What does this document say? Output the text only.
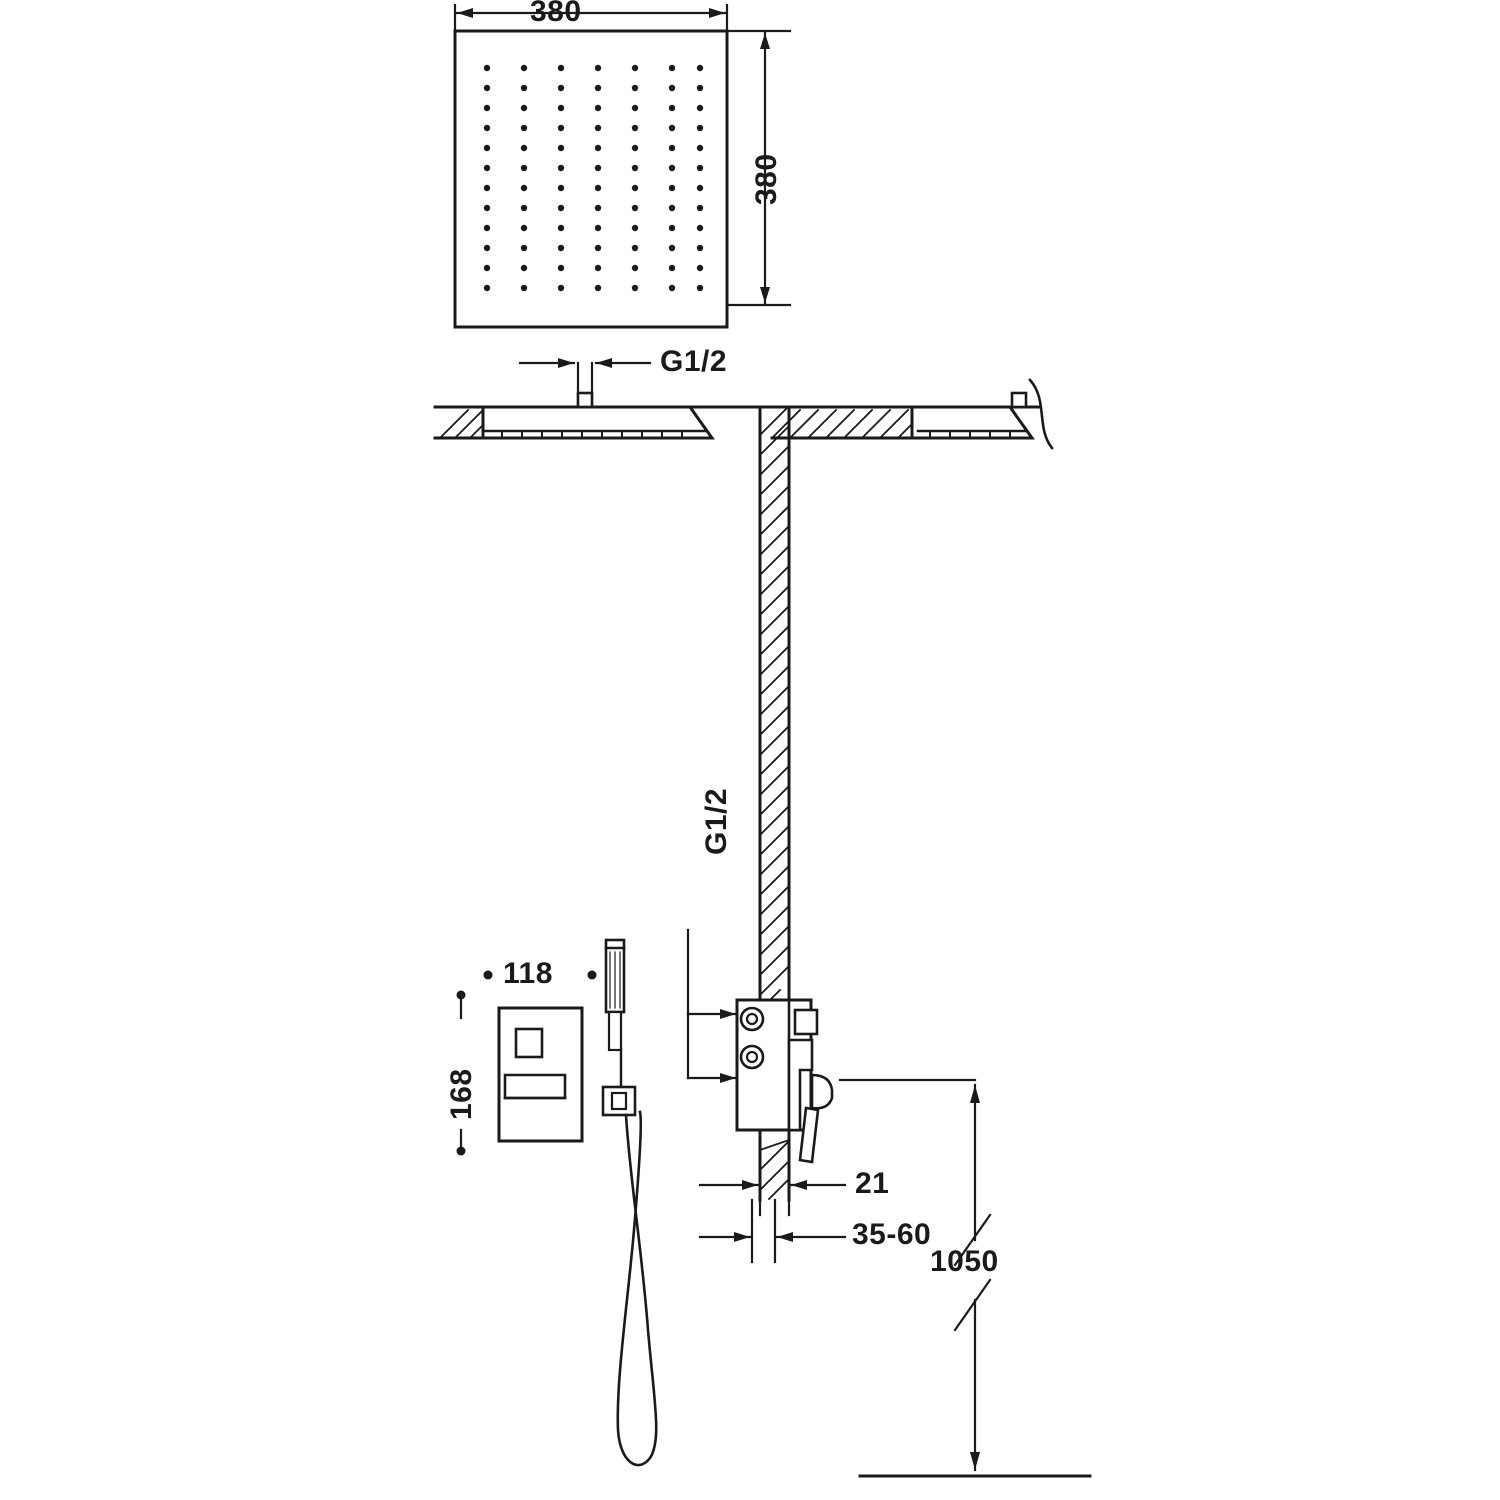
380
380
G1/2
G1/2
118
168
21
35-60
1050
